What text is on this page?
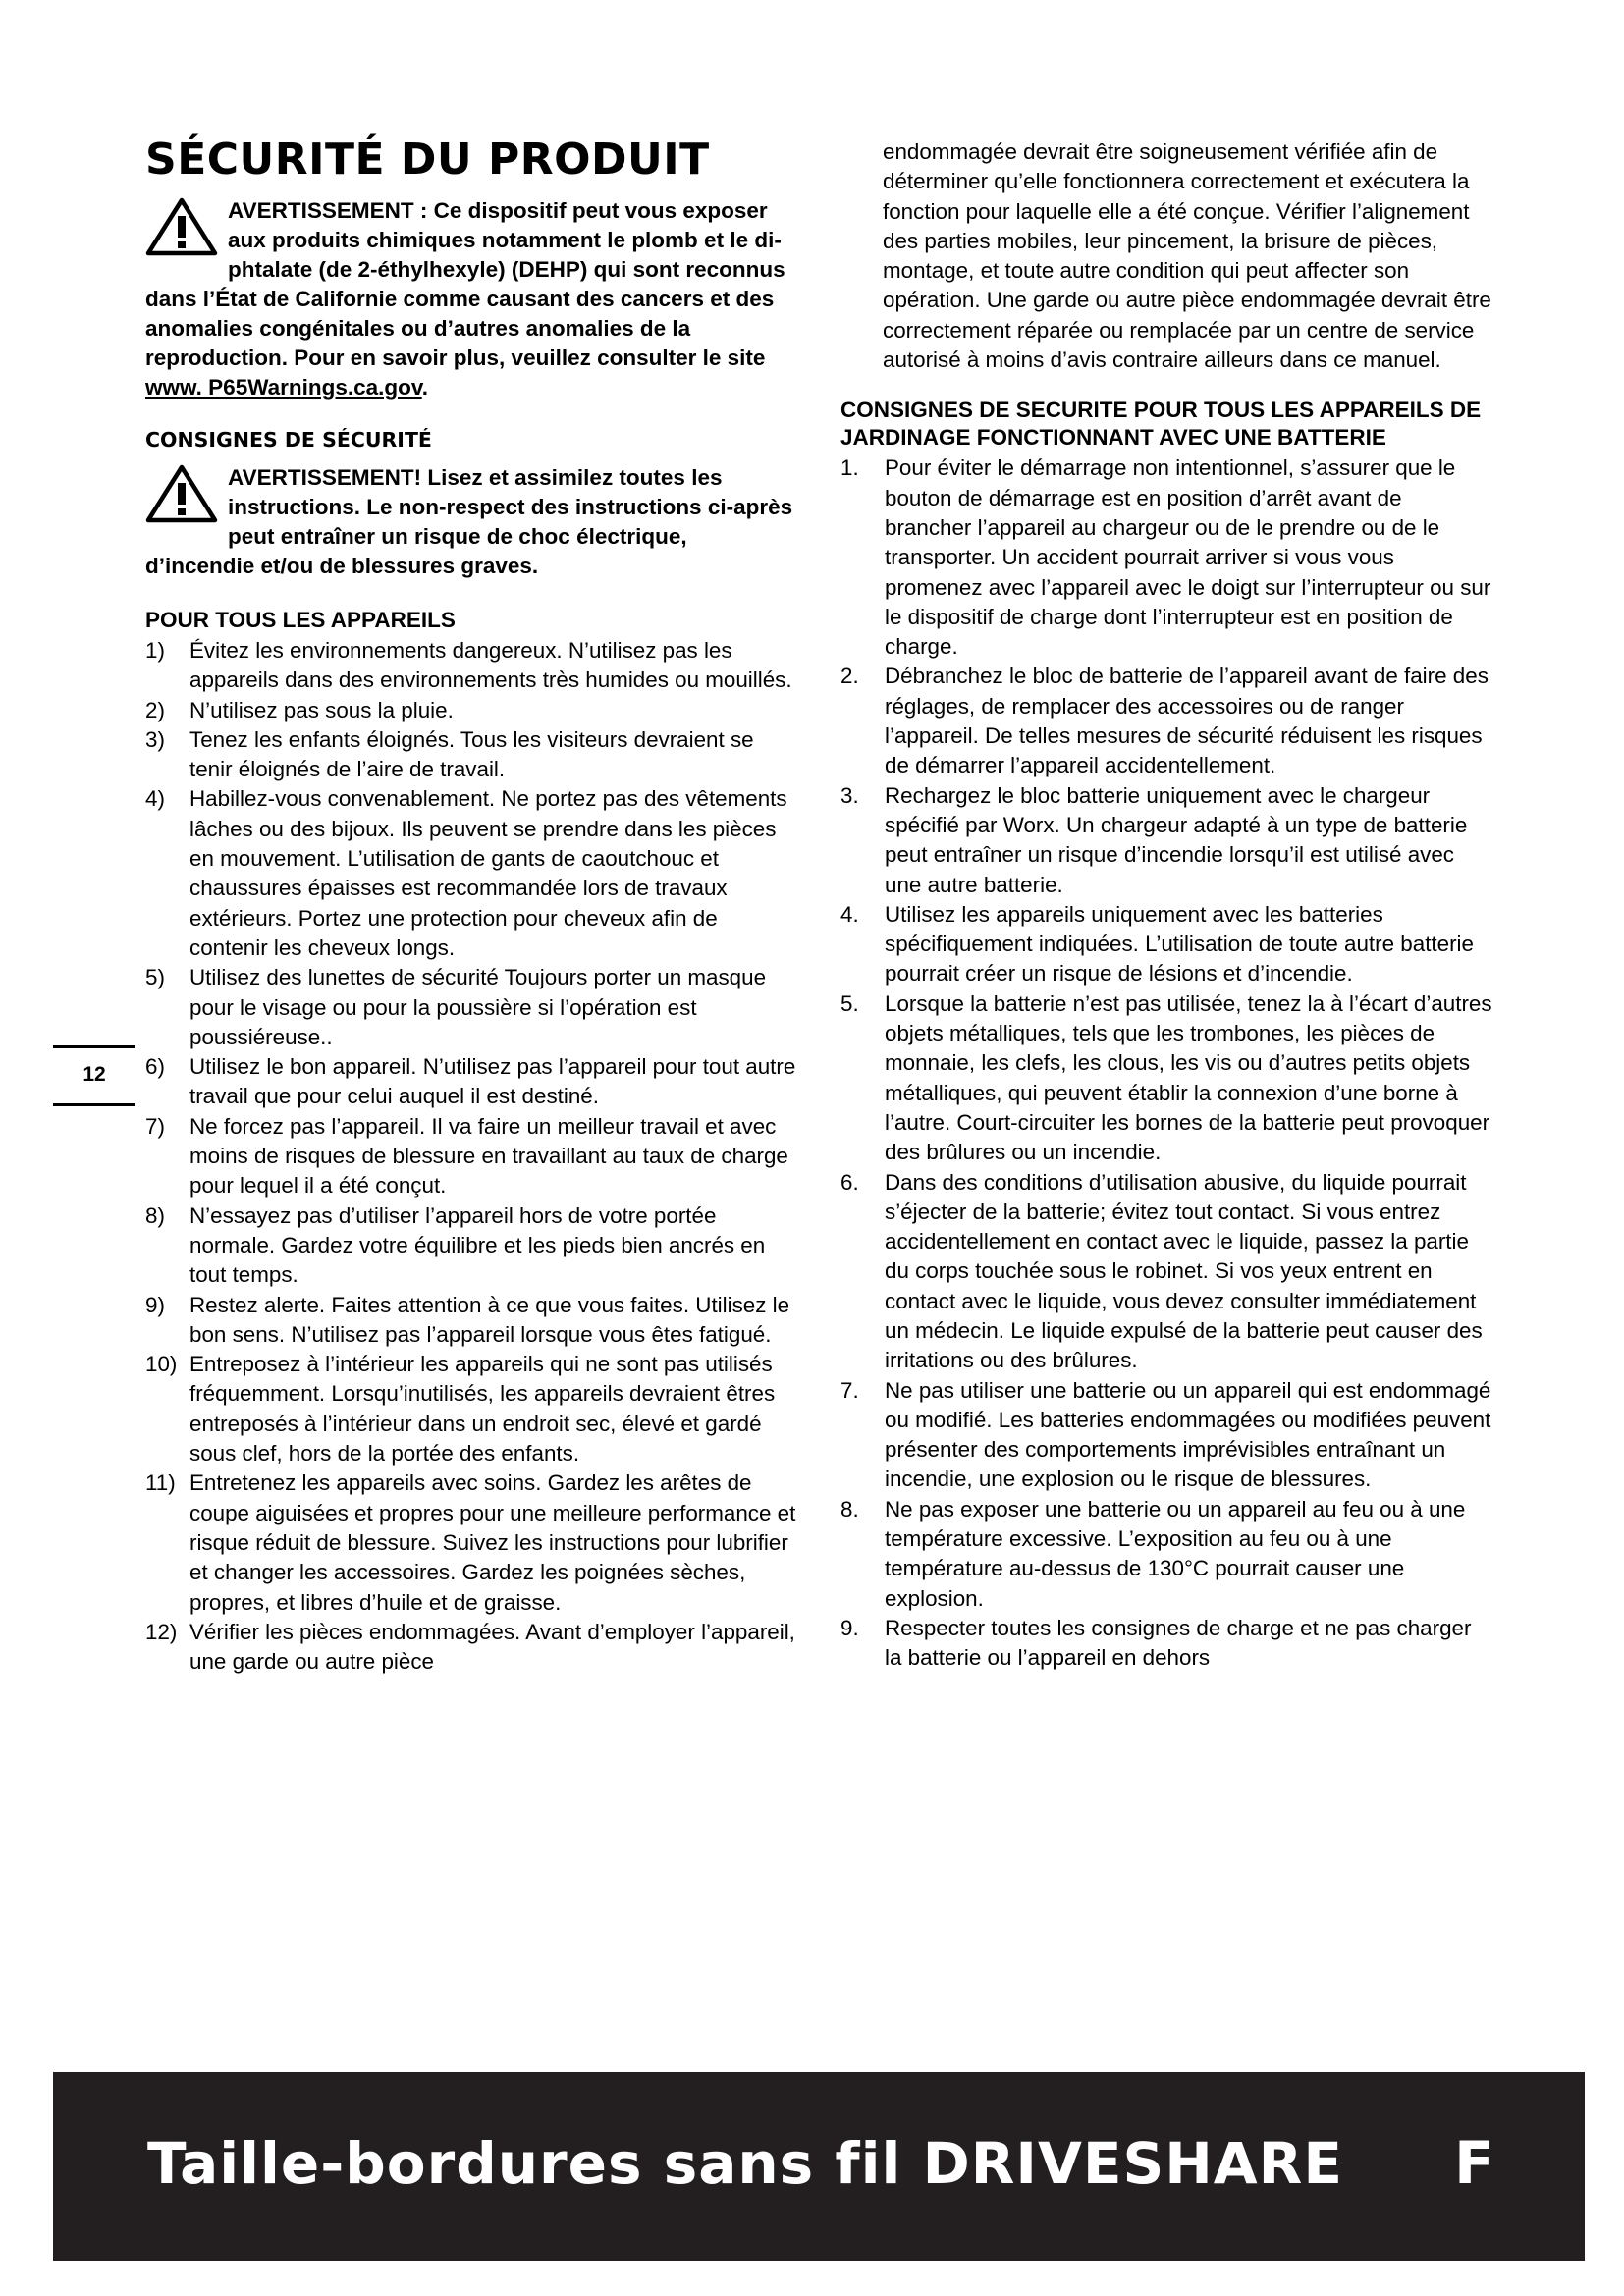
SÉCURITÉ DU PRODUIT
AVERTISSEMENT : Ce dispositif peut vous exposer aux produits chimiques notamment le plomb et le di-phtalate (de 2-éthylhexyle) (DEHP) qui sont reconnus dans l’État de Californie comme causant des cancers et des anomalies congénitales ou d’autres anomalies de la reproduction. Pour en savoir plus, veuillez consulter le site www. P65Warnings.ca.gov.
CONSIGNES DE SÉCURITÉ
AVERTISSEMENT! Lisez et assimilez toutes les instructions. Le non-respect des instructions ci-après peut entraîner un risque de choc électrique, d’incendie et/ou de blessures graves.
POUR TOUS LES APPAREILS
1) Évitez les environnements dangereux. N’utilisez pas les appareils dans des environnements très humides ou mouillés.
2) N’utilisez pas sous la pluie.
3) Tenez les enfants éloignés. Tous les visiteurs devraient se tenir éloignés de l’aire de travail.
4) Habillez-vous convenablement. Ne portez pas des vêtements lâches ou des bijoux. Ils peuvent se prendre dans les pièces en mouvement. L’utilisation de gants de caoutchouc et chaussures épaisses est recommandée lors de travaux extérieurs. Portez une protection pour cheveux afin de contenir les cheveux longs.
5) Utilisez des lunettes de sécurité Toujours porter un masque pour le visage ou pour la poussière si l’opération est poussiéreuse..
6) Utilisez le bon appareil. N’utilisez pas l’appareil pour tout autre travail que pour celui auquel il est destiné.
7) Ne forcez pas l’appareil. Il va faire un meilleur travail et avec moins de risques de blessure en travaillant au taux de charge pour lequel il a été conçut.
8) N’essayez pas d’utiliser l’appareil hors de votre portée normale. Gardez votre équilibre et les pieds bien ancrés en tout temps.
9) Restez alerte. Faites attention à ce que vous faites. Utilisez le bon sens. N’utilisez pas l’appareil lorsque vous êtes fatigué.
10) Entreposez à l’intérieur les appareils qui ne sont pas utilisés fréquemment. Lorsqu’inutilisés, les appareils devraient êtres entreposés à l’intérieur dans un endroit sec, élevé et gardé sous clef, hors de la portée des enfants.
11) Entretenez les appareils avec soins. Gardez les arêtes de coupe aiguisées et propres pour une meilleure performance et risque réduit de blessure. Suivez les instructions pour lubrifier et changer les accessoires. Gardez les poignées sèches, propres, et libres d’huile et de graisse.
12) Vérifier les pièces endommagées. Avant d’employer l’appareil, une garde ou autre pièce

endommagée devrait être soigneusement vérifiée afin de déterminer qu’elle fonctionnera correctement et exécutera la fonction pour laquelle elle a été conçue. Vérifier l’alignement des parties mobiles, leur pincement, la brisure de pièces, montage, et toute autre condition qui peut affecter son opération. Une garde ou autre pièce endommagée devrait être correctement réparée ou remplacée par un centre de service autorisé à moins d’avis contraire ailleurs dans ce manuel.

CONSIGNES DE SECURITE POUR TOUS LES APPAREILS DE JARDINAGE FONCTIONNANT AVEC UNE BATTERIE
1. Pour éviter le démarrage non intentionnel, s’assurer que le bouton de démarrage est en position d’arrêt avant de brancher l’appareil au chargeur ou de le prendre ou de le transporter. Un accident pourrait arriver si vous vous promenez avec l’appareil avec le doigt sur l’interrupteur ou sur le dispositif de charge dont l’interrupteur est en position de charge.
2. Débranchez le bloc de batterie de l’appareil avant de faire des réglages, de remplacer des accessoires ou de ranger l’appareil. De telles mesures de sécurité réduisent les risques de démarrer l’appareil accidentellement.
3. Rechargez le bloc batterie uniquement avec le chargeur spécifié par Worx. Un chargeur adapté à un type de batterie peut entraîner un risque d’incendie lorsqu’il est utilisé avec une autre batterie.
4. Utilisez les appareils uniquement avec les batteries spécifiquement indiquées. L’utilisation de toute autre batterie pourrait créer un risque de lésions et d’incendie.
5. Lorsque la batterie n’est pas utilisée, tenez la à l’écart d’autres objets métalliques, tels que les trombones, les pièces de monnaie, les clefs, les clous, les vis ou d’autres petits objets métalliques, qui peuvent établir la connexion d’une borne à l’autre. Court-circuiter les bornes de la batterie peut provoquer des brûlures ou un incendie.
6. Dans des conditions d’utilisation abusive, du liquide pourrait s’éjecter de la batterie; évitez tout contact. Si vous entrez accidentellement en contact avec le liquide, passez la partie du corps touchée sous le robinet. Si vos yeux entrent en contact avec le liquide, vous devez consulter immédiatement un médecin. Le liquide expulsé de la batterie peut causer des irritations ou des brûlures.
7. Ne pas utiliser une batterie ou un appareil qui est endommagé ou modifié. Les batteries endommagées ou modifiées peuvent présenter des comportements imprévisibles entraînant un incendie, une explosion ou le risque de blessures.
8. Ne pas exposer une batterie ou un appareil au feu ou à une température excessive. L’exposition au feu ou à une température au-dessus de 130°C pourrait causer une explosion.
9. Respecter toutes les consignes de charge et ne pas charger la batterie ou l’appareil en dehors
12
Taille-bordures sans fil DRIVESHARE F
